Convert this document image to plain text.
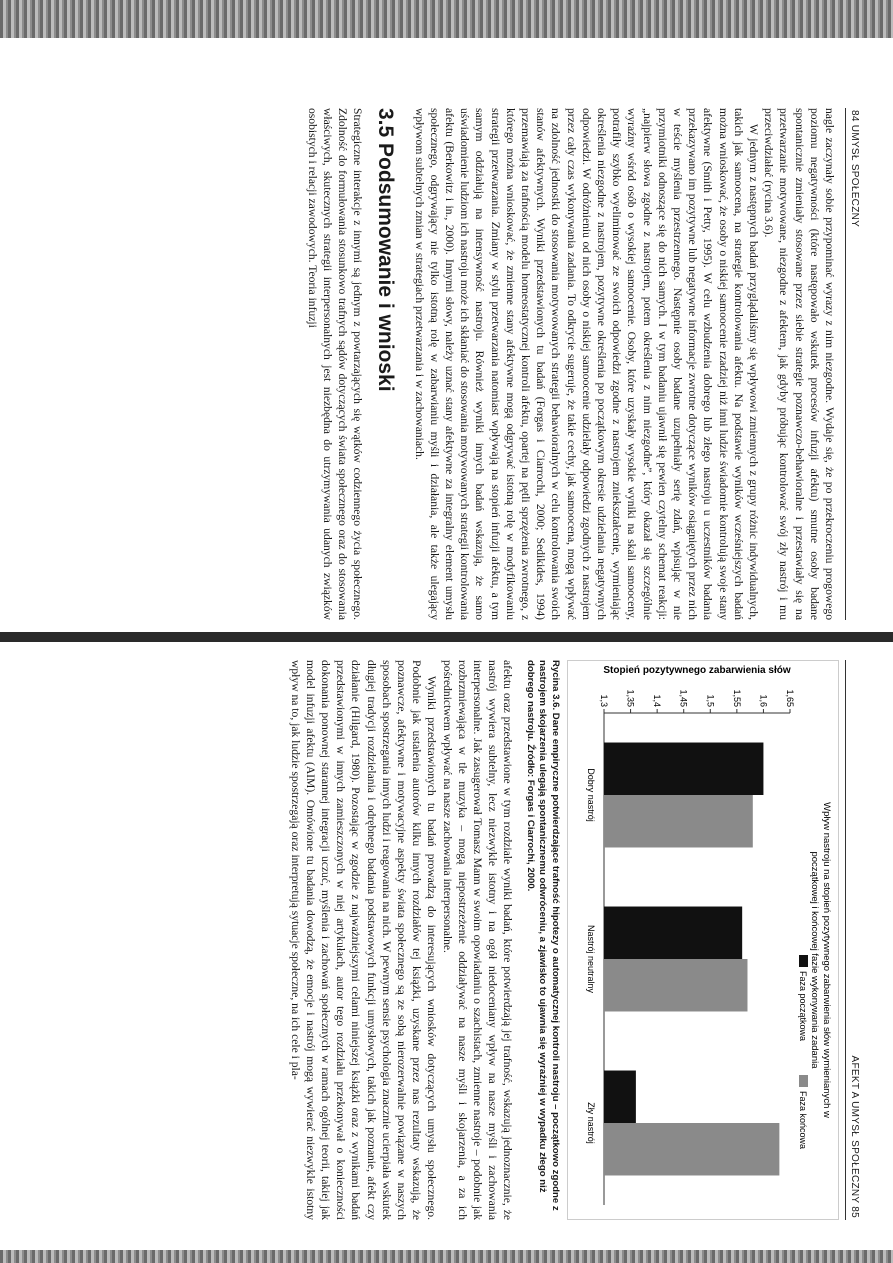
84 UMYSŁ SPOŁECZNY

nagle zaczynały sobie przypominać wyrazy z nim niezgodne. Wydaje się, że po przekroczeniu progowego poziomu negatywności (które następowało wskutek procesów infuzji afektu) smutne osoby badane spontanicznie zmieniały stosowane przez siebie strategie poznawczo-behawioralne i przestawiały się na przetwarzanie motywowane, niezgodne z afektem, jak gdyby próbując kontrolować swój zły nastrój i mu przeciwdziałać (rycina 3.6).

W jednym z następnych badań przyglądaliśmy się wpływowi zmiennych z grupy różnic indywidualnych, takich jak samoocena, na strategie kontrolowania afektu. Na podstawie wyników wcześniejszych badań można wnioskować, że osoby o niskiej samoocenie rzadziej niż inni ludzie świadomie kontrolują swoje stany afektywne (Smith i Petty, 1995). W celu wzbudzenia dobrego lub złego nastroju u uczestników badania przekazywano im pozytywne lub negatywne informacje zwrotne dotyczące wyników osiągniętych przez nich w teście myślenia przestrzennego. Następnie osoby badane uzupełniały serię zdań, wpisując w nie przymiotniki odnoszące się do nich samych. I w tym badaniu ujawnił się pewien czytelny schemat reakcji: „najpierw słowa zgodne z nastrojem, potem określenia z nim niezgodne”, który okazał się szczególnie wyraźny wśród osób o wysokiej samoocenie. Osoby, które uzyskały wysokie wyniki na skali samooceny, potrafiły szybko wyeliminować ze swoich odpowiedzi zgodne z nastrojem zniekształcenie, wymieniając określenia niezgodne z nastrojem, pozytywne określenia po początkowym okresie udzielania negatywnych odpowiedzi. W odróżnieniu od nich osoby o niskiej samoocenie udzielały odpowiedzi zgodnych z nastrojem przez cały czas wykonywania zadania. To odkrycie sugeruje, że takie cechy, jak samoocena, mogą wpływać na zdolność jednostki do stosowania motywowanych strategii behawioralnych w celu kontrolowania swoich stanów afektywnych. Wyniki przedstawionych tu badań (Forgas i Ciarrochi, 2000; Sedikides, 1994) przemawiają za trafnością modelu homeostatycznej kontroli afektu, opartej na pętli sprzężenia zwrotnego, z którego można wnioskować, że zmienne stany afektywne mogą odgrywać istotną rolę w modyfikowaniu strategii przetwarzania. Zmiany w stylu przetwarzania natomiast wpływają na stopień infuzji afektu, a tym samym oddziałują na intensywność nastroju. Również wyniki innych badań wskazują, że samo uświadomienie ludziom ich nastroju może ich skłaniać do stosowania motywowanych strategii kontrolowania afektu (Berkowitz i in., 2000). Innymi słowy, należy uznać stany afektywne za integralny element umysłu społecznego, odgrywający nie tylko istotną rolę w zabarwianiu myśli i działania, ale także ulegający wpływom subtelnych zmian w strategiach przetwarzania i w zachowaniach.

3.5 Podsumowanie i wnioski

Strategiczne interakcje z innymi są jednym z powtarzających się wątków codziennego życia społecznego. Zdolność do formułowania stosunkowo trafnych sądów dotyczących świata społecznego oraz do stosowania właściwych, skutecznych strategii interpersonalnych jest niezbędna do utrzymywania udanych związków osobistych i relacji zawodowych. Teoria infuzji

AFEKT A UMYSŁ SPOŁECZNY 85
Wpływ nastroju na stopień pozytywnego zabarwienia słów wymienianych wpoczątkowej i końcowej fazie wykonywania zadania
Faza początkowa
Faza końcowa
1,3 1,35 1,4 1,45 1,5 1,55 1,6 1,65
Stopień pozytywnego zabarwienia słów
Dobry nastrój
Nastrój neutralny
Zły nastrój
Rycina 3.6. Dane empiryczne potwierdzające trafność hipotezy o automatycznej kontroli nastroju – początkowo zgodne z nastrojem skojarzenia ulegają spontanicznemu odwróceniu, a zjawisko to ujawnia się wyraźniej w wypadku złego niż dobrego nastroju. Źródło: Forgas i Ciarrochi, 2000.

afektu oraz przedstawione w tym rozdziale wyniki badań, które potwierdzają jej trafność, wskazują jednoznacznie, że nastrój wywiera subtelny, lecz niezwykle istotny i na ogół niedoceniany wpływ na nasze myśli i zachowania interpersonalne. Jak zasugerował Tomasz Mann w swoim opowiadaniu o szachistach, zmienne nastroje – podobnie jak rozbrzmiewająca w tle muzyka – mogą niepostrzeżenie oddziaływać na nasze myśli i skojarzenia, a za ich pośrednictwem wpływać na nasze zachowania interpersonalne.

Wyniki przedstawionych tu badań prowadzą do interesujących wniosków dotyczących umysłu społecznego. Podobnie jak ustalenia autorów kilku innych rozdziałów tej książki, uzyskane przez nas rezultaty wskazują, że poznawcze, afektywne i motywacyjne aspekty świata społecznego są ze sobą nierozerwalnie powiązane w naszych sposobach spostrzegania innych ludzi i reagowania na nich. W pewnym sensie psychologia znacznie ucierpiała wskutek długiej tradycji rozdzielania i odrębnego badania podstawowych funkcji umysłowych, takich jak poznanie, afekt czy działanie (Hilgard, 1980). Pozostając w zgodzie z najważniejszymi celami niniejszej książki oraz z wynikami badań przedstawionymi w innych zamieszczonych w niej artykułach, autor tego rozdziału przekonywał o konieczności dokonania ponownej starannej integracji uczuć, myślenia i zachowań społecznych w ramach ogólnej teorii, takiej jak model infuzji afektu (AIM). Omówione tu badania dowodzą, że emocje i nastrój mogą wywierać niezwykle istotny wpływ na to, jak ludzie spostrzegają oraz interpretują sytuacje społeczne, na ich cele i pla-
